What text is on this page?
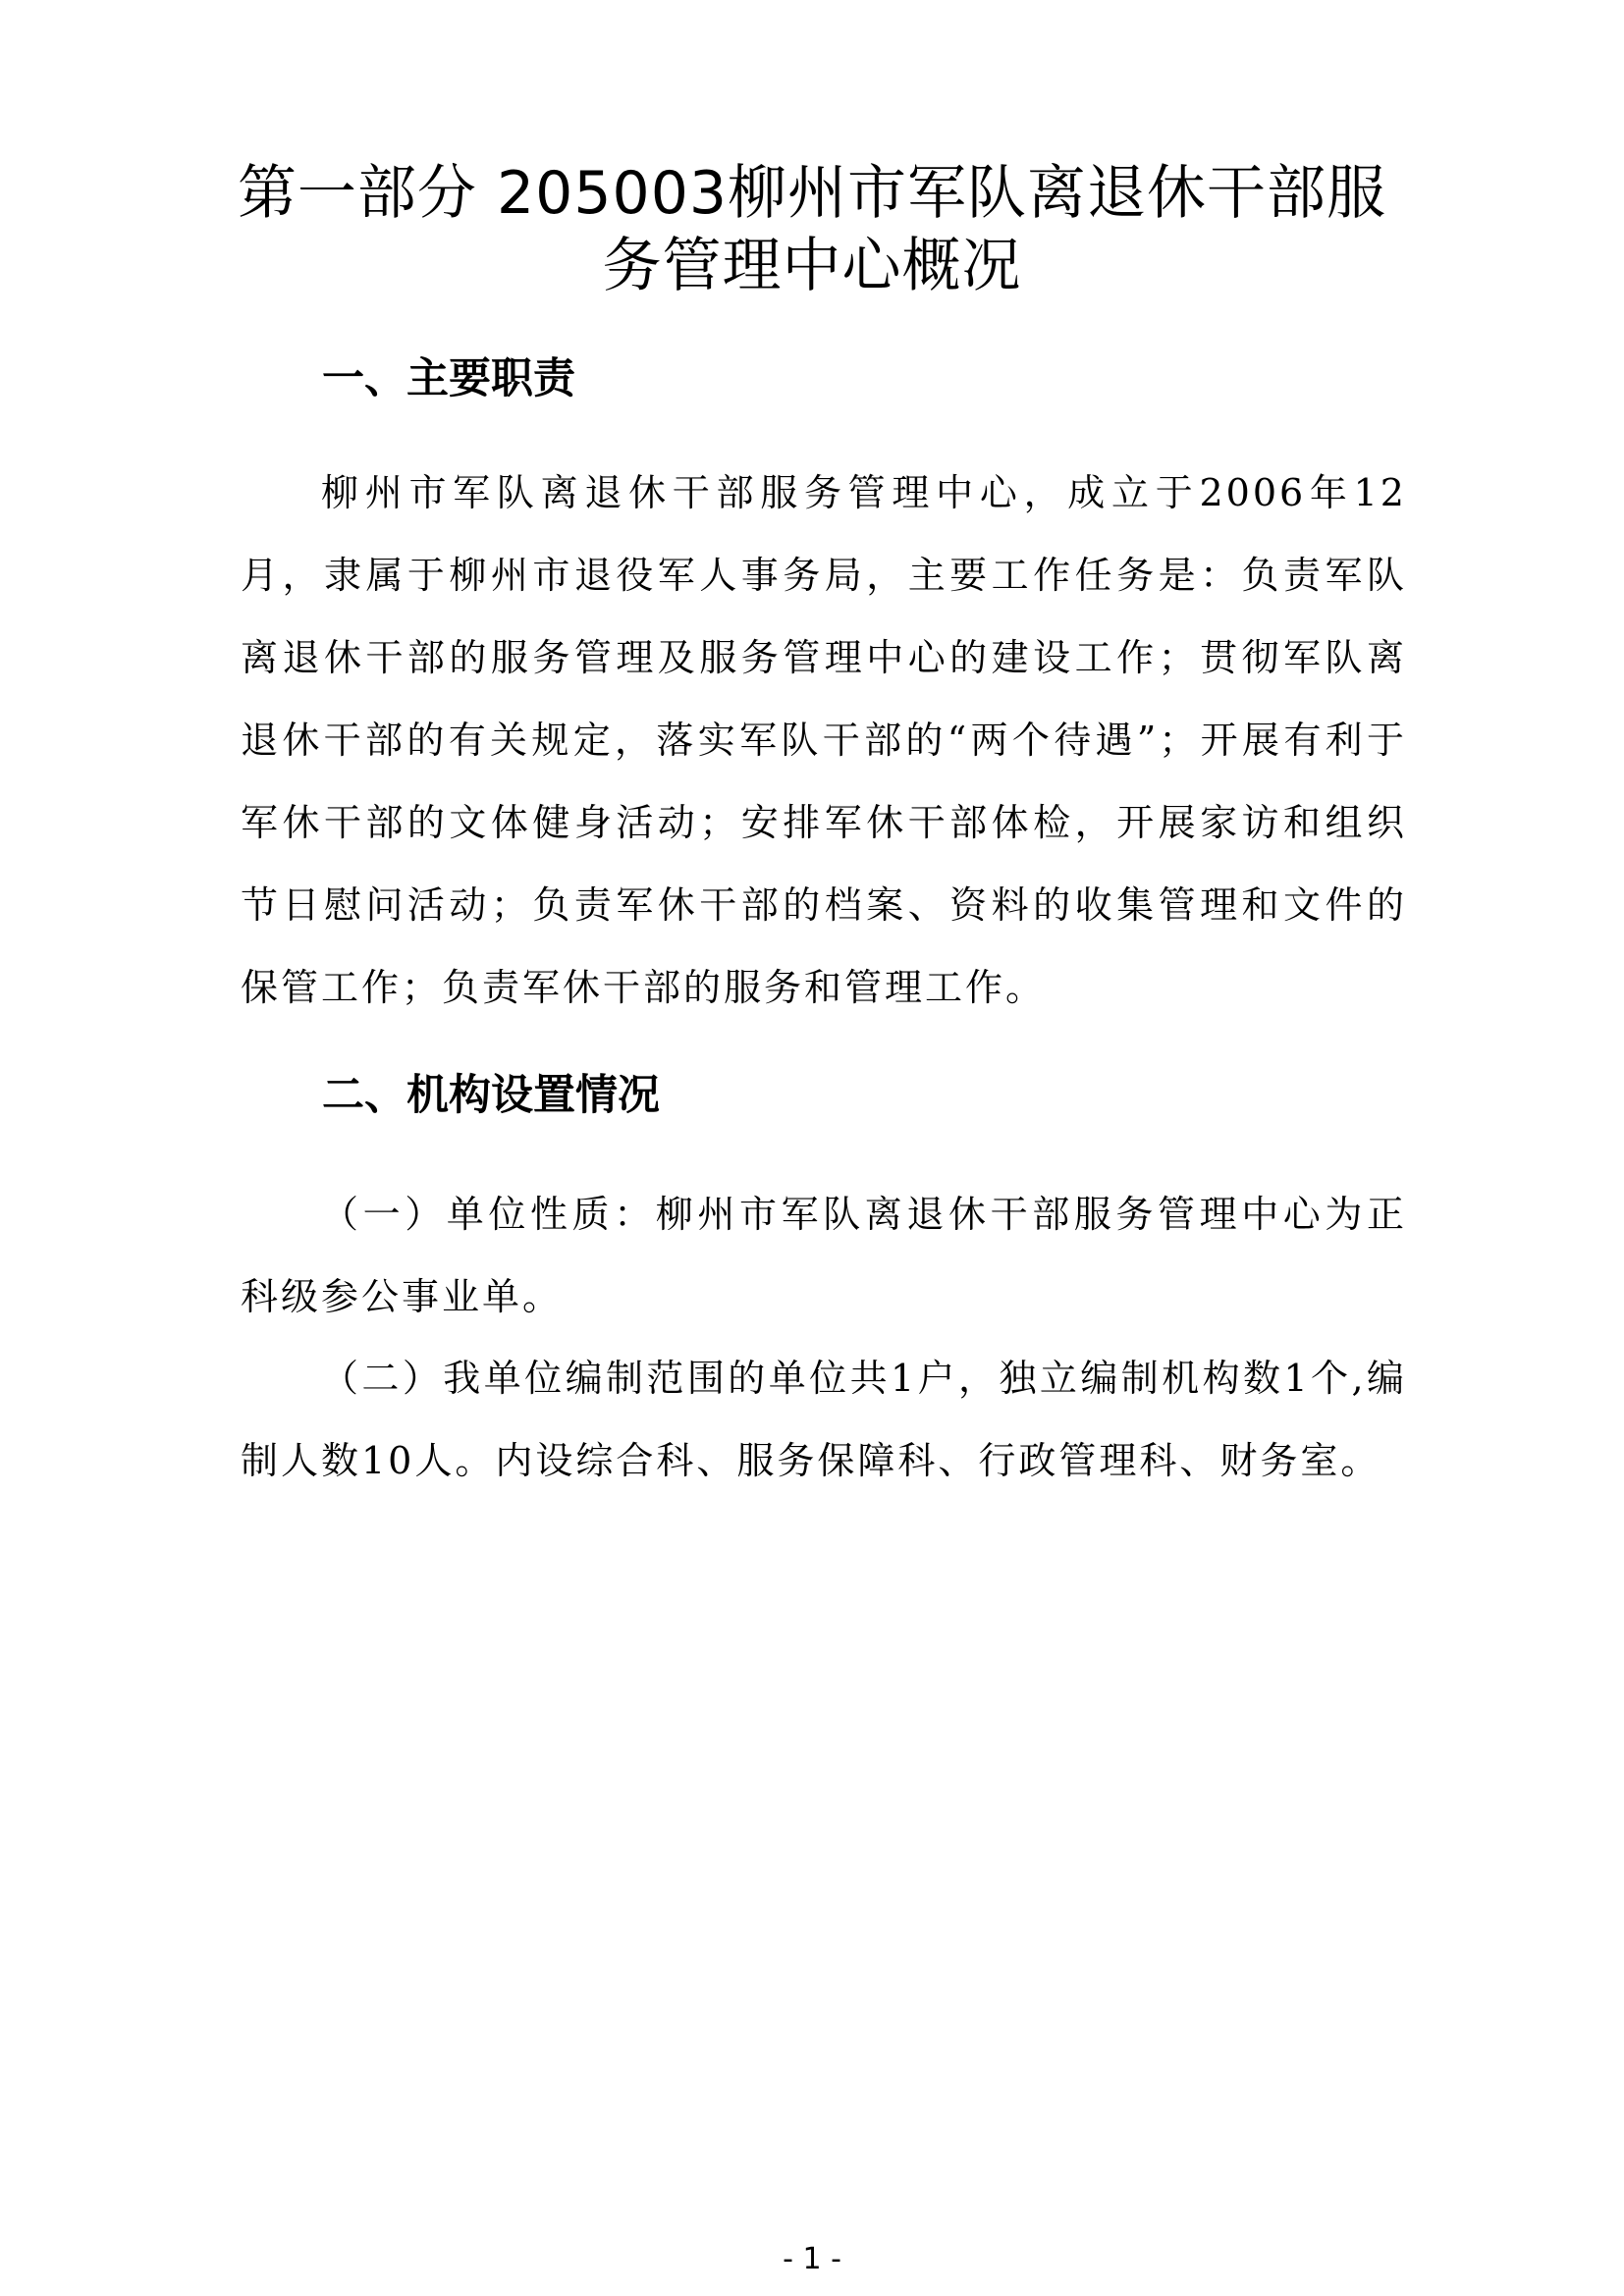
第一部分 205003柳州市军队离退休干部服
务管理中心概况
一、主要职责
柳州市军队离退休干部服务管理中心，成立于2006年12月，隶属于柳州市退役军人事务局，主要工作任务是：负责军队离退休干部的服务管理及服务管理中心的建设工作；贯彻军队离退休干部的有关规定，落实军队干部的“两个待遇”；开展有利于军休干部的文体健身活动；安排军休干部体检，开展家访和组织节日慰问活动；负责军休干部的档案、资料的收集管理和文件的保管工作；负责军休干部的服务和管理工作。
二、机构设置情况
（一）单位性质：柳州市军队离退休干部服务管理中心为正科级参公事业单。
（二）我单位编制范围的单位共1户，独立编制机构数1个,编制人数10人。内设综合科、服务保障科、行政管理科、财务室。
- 1 -
